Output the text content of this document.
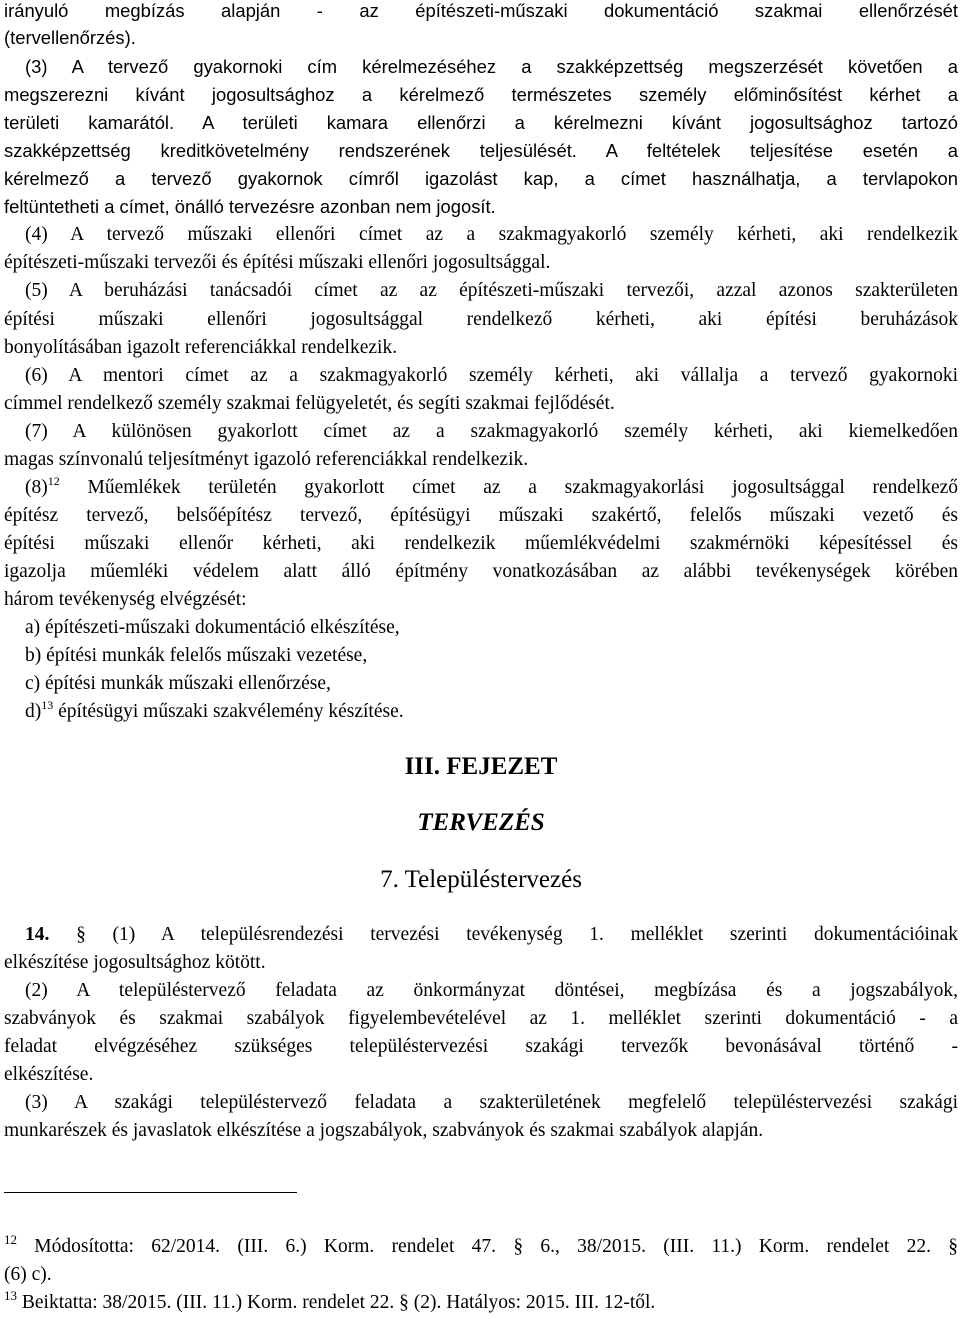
irányuló megbízás alapján - az építészeti-műszaki dokumentáció szakmai ellenőrzését
(tervellenőrzés).
(3) A tervező gyakornoki cím kérelmezéséhez a szakképzettség megszerzését követően a
megszerezni kívánt jogosultsághoz a kérelmező természetes személy előminősítést kérhet a
területi kamarától. A területi kamara ellenőrzi a kérelmezni kívánt jogosultsághoz tartozó
szakképzettség kreditkövetelmény rendszerének teljesülését. A feltételek teljesítése esetén a
kérelmező a tervező gyakornok címről igazolást kap, a címet használhatja, a tervlapokon
feltüntetheti a címet, önálló tervezésre azonban nem jogosít.
(4) A tervező műszaki ellenőri címet az a szakmagyakorló személy kérheti, aki rendelkezik
építészeti-műszaki tervezői és építési műszaki ellenőri jogosultsággal.
(5) A beruházási tanácsadói címet az az építészeti-műszaki tervezői, azzal azonos szakterületen
építési műszaki ellenőri jogosultsággal rendelkező kérheti, aki építési beruházások
bonyolításában igazolt referenciákkal rendelkezik.
(6) A mentori címet az a szakmagyakorló személy kérheti, aki vállalja a tervező gyakornoki
címmel rendelkező személy szakmai felügyeletét, és segíti szakmai fejlődését.
(7) A különösen gyakorlott címet az a szakmagyakorló személy kérheti, aki kiemelkedően
magas színvonalú teljesítményt igazoló referenciákkal rendelkezik.
$(8)^{12}$ Műemlékek területén gyakorlott címet az a szakmagyakorlási jogosultsággal rendelkező
építész tervező, belsőépítész tervező, építésügyi műszaki szakértő, felelős műszaki vezető és
építési műszaki ellenőr kérheti, aki rendelkezik műemlékvédelmi szakmérnöki képesítéssel és
igazolja műemléki védelem alatt álló építmény vonatkozásában az alábbi tevékenységek körében
három tevékenység elvégzését:
a) építészeti-műszaki dokumentáció elkészítése,
b) építési munkák felelős műszaki vezetése,
c) építési munkák műszaki ellenőrzése,
d)$^{13}$ építésügyi műszaki szakvélemény készítése.
III. FEJEZET
TERVEZÉS
7. Településtervezés
14. § (1) A településrendezési tervezési tevékenység 1. melléklet szerinti dokumentációinak
elkészítése jogosultsághoz kötött.
(2) A településtervező feladata az önkormányzat döntései, megbízása és a jogszabályok,
szabványok és szakmai szabályok figyelembevételével az 1. melléklet szerinti dokumentáció - a
feladat elvégzéséhez szükséges településtervezési szakági tervezők bevonásával történő -
elkészítése.
(3) A szakági településtervező feladata a szakterületének megfelelő településtervezési szakági
munkarészek és javaslatok elkészítése a jogszabályok, szabványok és szakmai szabályok alapján.
$^{12}$ Módosította: 62/2014. (III. 6.) Korm. rendelet 47. § 6., 38/2015. (III. 11.) Korm. rendelet 22. §
(6) c).
$^{13}$ Beiktatta: 38/2015. (III. 11.) Korm. rendelet 22. § (2). Hatályos: 2015. III. 12-től.
